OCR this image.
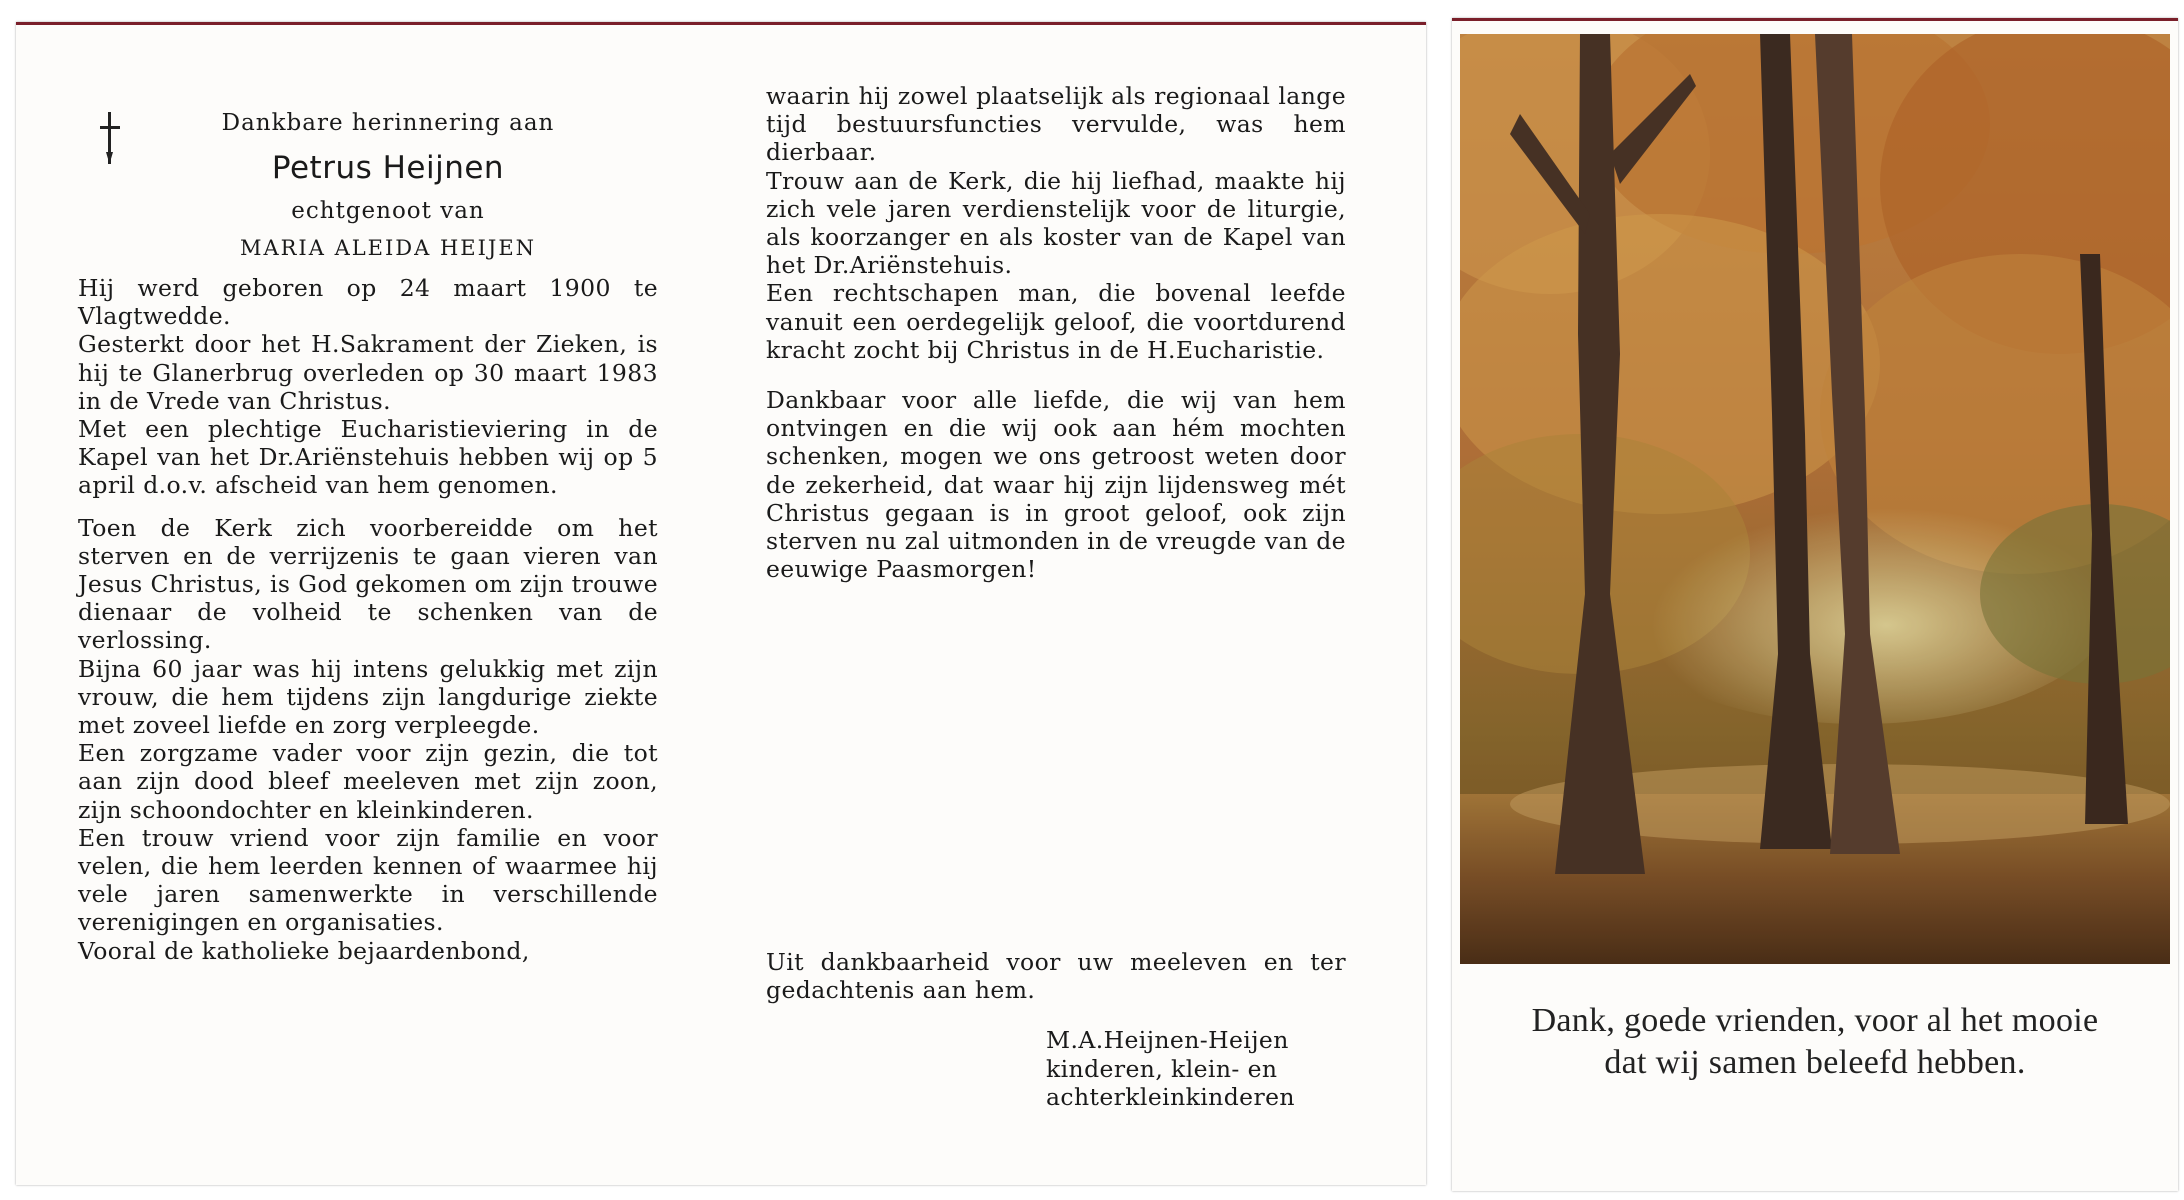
Dankbare herinnering aan

Petrus Heijnen

echtgenoot van

MARIA ALEIDA HEIJEN

Hij werd geboren op 24 maart 1900 te Vlagtwedde.

Gesterkt door het H.Sakrament der Zieken, is hij te Glanerbrug overleden op 30 maart 1983 in de Vrede van Christus.

Met een plechtige Eucharistieviering in de Kapel van het Dr.Ariënstehuis hebben wij op 5 april d.o.v. afscheid van hem genomen.

Toen de Kerk zich voorbereidde om het sterven en de verrijzenis te gaan vieren van Jesus Christus, is God gekomen om zijn trouwe dienaar de volheid te schenken van de verlossing.

Bijna 60 jaar was hij intens gelukkig met zijn vrouw, die hem tijdens zijn langdurige ziekte met zoveel liefde en zorg verpleegde.

Een zorgzame vader voor zijn gezin, die tot aan zijn dood bleef meeleven met zijn zoon, zijn schoondochter en kleinkinderen.

Een trouw vriend voor zijn familie en voor velen, die hem leerden kennen of waarmee hij vele jaren samenwerkte in verschillende verenigingen en organisaties.

Vooral de katholieke bejaardenbond,

waarin hij zowel plaatselijk als regionaal lange tijd bestuursfuncties vervulde, was hem dierbaar.

Trouw aan de Kerk, die hij liefhad, maakte hij zich vele jaren verdienstelijk voor de liturgie, als koorzanger en als koster van de Kapel van het Dr.Ariënstehuis.

Een rechtschapen man, die bovenal leefde vanuit een oerdegelijk geloof, die voortdurend kracht zocht bij Christus in de H.Eucharistie.

Dankbaar voor alle liefde, die wij van hem ontvingen en die wij ook aan hém mochten schenken, mogen we ons getroost weten door de zekerheid, dat waar hij zijn lijdensweg mét Christus gegaan is in groot geloof, ook zijn sterven nu zal uitmonden in de vreugde van de eeuwige Paasmorgen!

Uit dankbaarheid voor uw meeleven en ter gedachtenis aan hem.

M.A.Heijnen-Heijen
kinderen, klein- en
achterkleinkinderen
Dank, goede vrienden, voor al het mooie
dat wij samen beleefd hebben.
